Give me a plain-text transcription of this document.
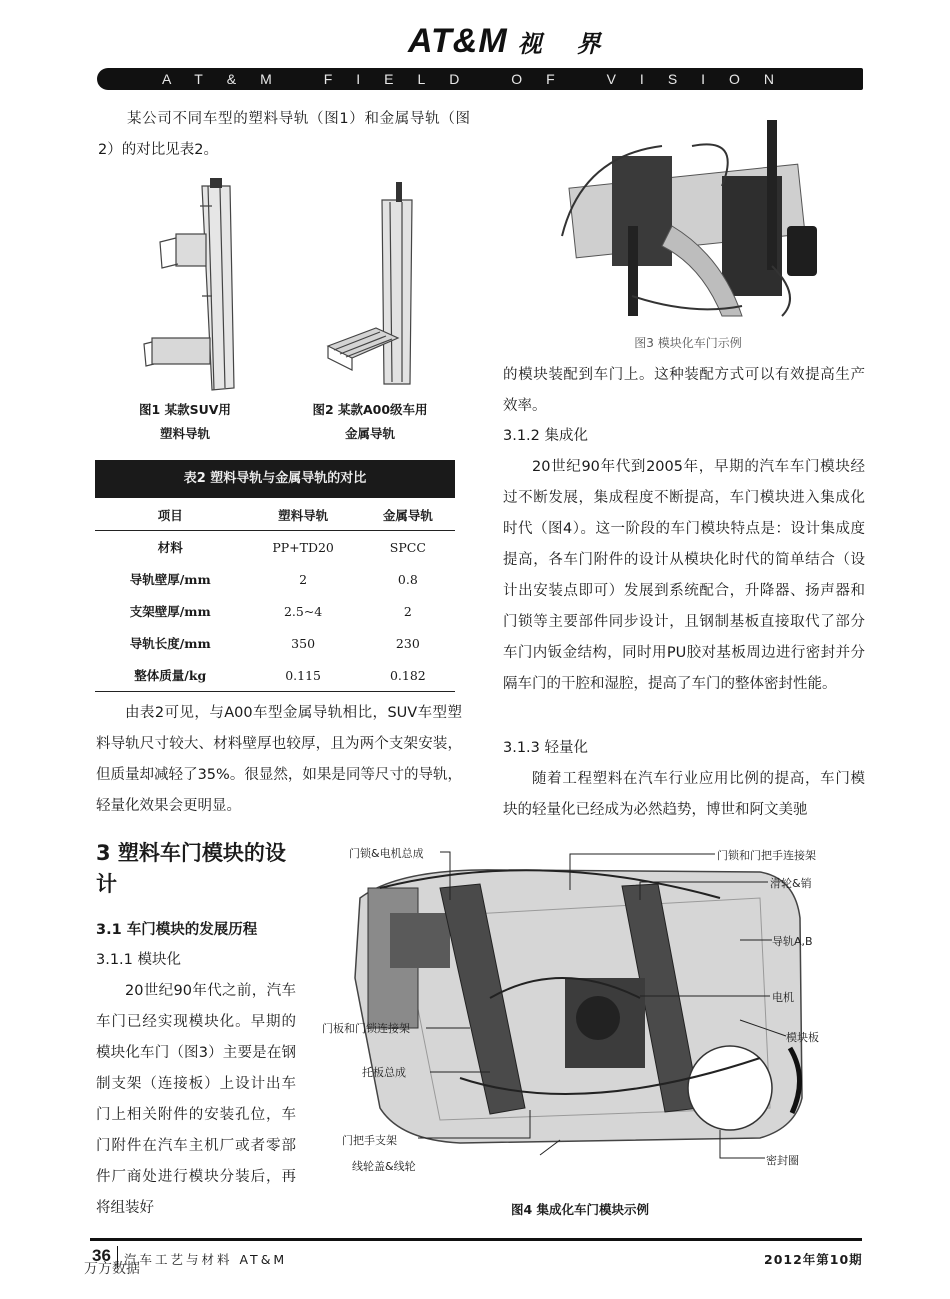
AT&M 视 界
AT&M FIELD OF VISION

某公司不同车型的塑料导轨（图1）和金属导轨（图2）的对比见表2。

图1 某款SUV用
塑料导轨
图2 某款A00级车用
金属导轨
表2 塑料导轨与金属导轨的对比
项目	塑料导轨	金属导轨
材料	PP+TD20	SPCC
导轨壁厚/mm	2	0.8
支架壁厚/mm	2.5~4	2
导轨长度/mm	350	230
整体质量/kg	0.115	0.182

由表2可见，与A00车型金属导轨相比，SUV车型塑料导轨尺寸较大、材料壁厚也较厚，且为两个支架安装，但质量却减轻了35%。很显然，如果是同等尺寸的导轨，轻量化效果会更明显。

3 塑料车门模块的设计
3.1 车门模块的发展历程
3.1.1 模块化

20世纪90年代之前，汽车车门已经实现模块化。早期的模块化车门（图3）主要是在钢制支架（连接板）上设计出车门上相关附件的安装孔位，车门附件在汽车主机厂或者零部件厂商处进行模块分装后，再将组装好

图3 模块化车门示例

的模块装配到车门上。这种装配方式可以有效提高生产效率。

3.1.2 集成化

20世纪90年代到2005年，早期的汽车车门模块经过不断发展，集成程度不断提高，车门模块进入集成化时代（图4）。这一阶段的车门模块特点是：设计集成度提高，各车门附件的设计从模块化时代的简单结合（设计出安装点即可）发展到系统配合，升降器、扬声器和门锁等主要部件同步设计，且钢制基板直接取代了部分车门内钣金结构，同时用PU胶对基板周边进行密封并分隔车门的干腔和湿腔，提高了车门的整体密封性能。

3.1.3 轻量化

随着工程塑料在汽车行业应用比例的提高，车门模块的轻量化已经成为必然趋势，博世和阿文美驰

门锁&电机总成	门锁和门把手连接架
滑轮&销
导轨A,B
电机
模块板
门板和门锁连接架
托板总成
门把手支架
线轮盖&线轮	密封圈
图4 集成化车门模块示例
36 汽车工艺与材料 AT&M	2012年第10期
万方数据
